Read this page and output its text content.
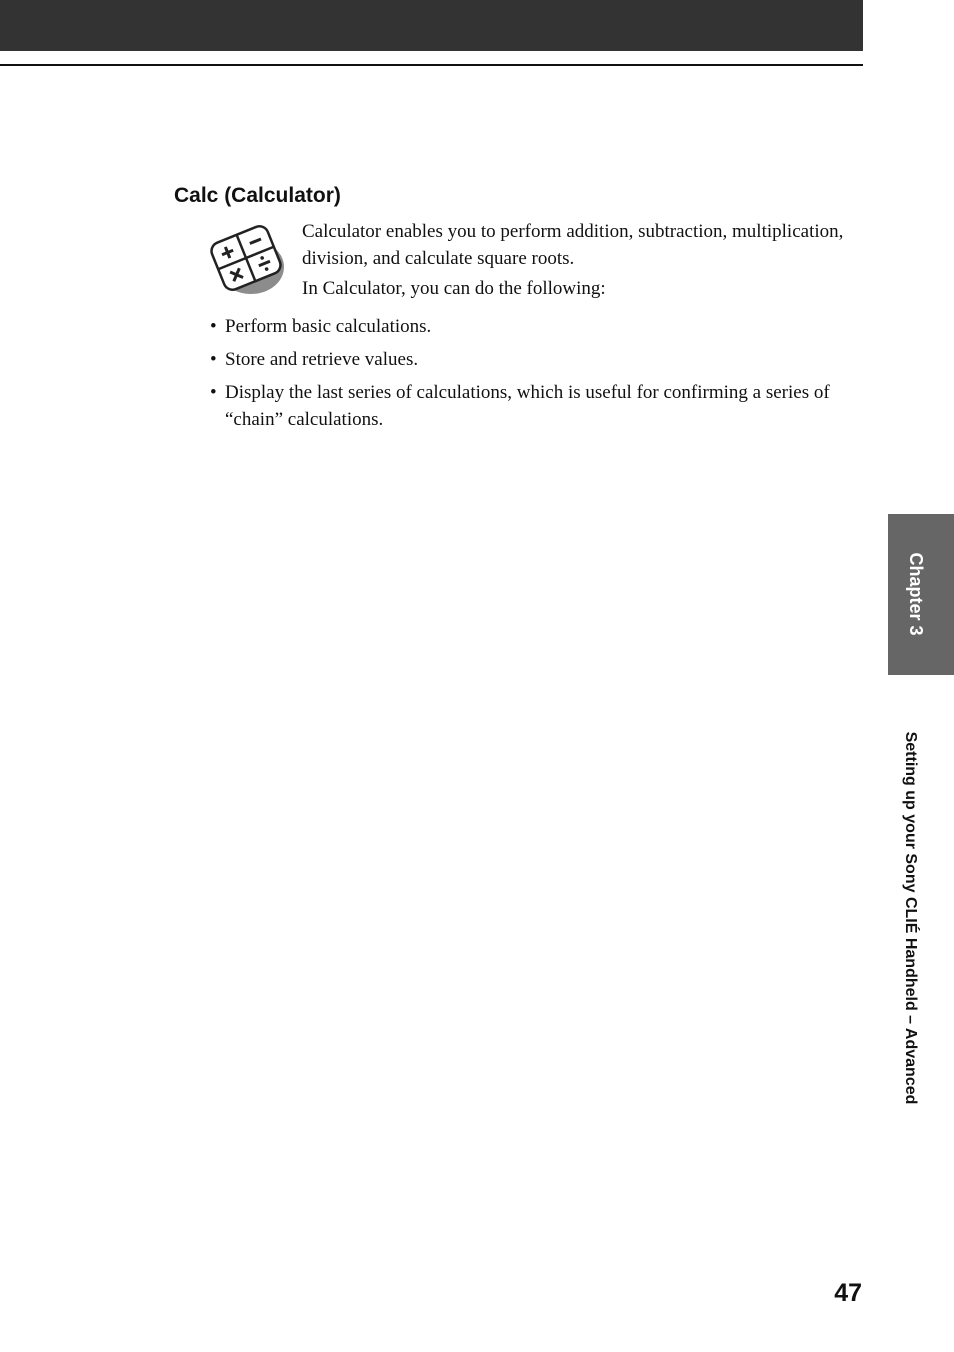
Calc (Calculator)

Calculator enables you to perform addition, subtraction, multiplication, division, and calculate square roots.

In Calculator, you can do the following:

• Perform basic calculations.
• Store and retrieve values.
• Display the last series of calculations, which is useful for confirming a series of “chain” calculations.
Chapter 3
Setting up your Sony CLIÉ Handheld – Advanced
47
